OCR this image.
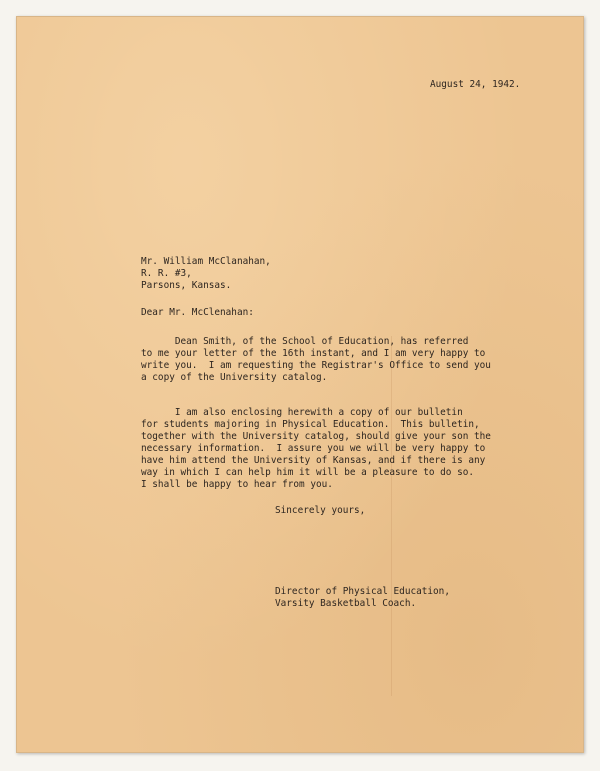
August 24, 1942.
Mr. William McClanahan,
R. R. #3,
Parsons, Kansas.
Dear Mr. McClenahan:
Dean Smith, of the School of Education, has referred
to me your letter of the 16th instant, and I am very happy to
write you.  I am requesting the Registrar's Office to send you
a copy of the University catalog.
I am also enclosing herewith a copy of our bulletin
for students majoring in Physical Education.  This bulletin,
together with the University catalog, should give your son the
necessary information.  I assure you we will be very happy to
have him attend the University of Kansas, and if there is any
way in which I can help him it will be a pleasure to do so.
I shall be happy to hear from you.
Sincerely yours,
Director of Physical Education,
Varsity Basketball Coach.
